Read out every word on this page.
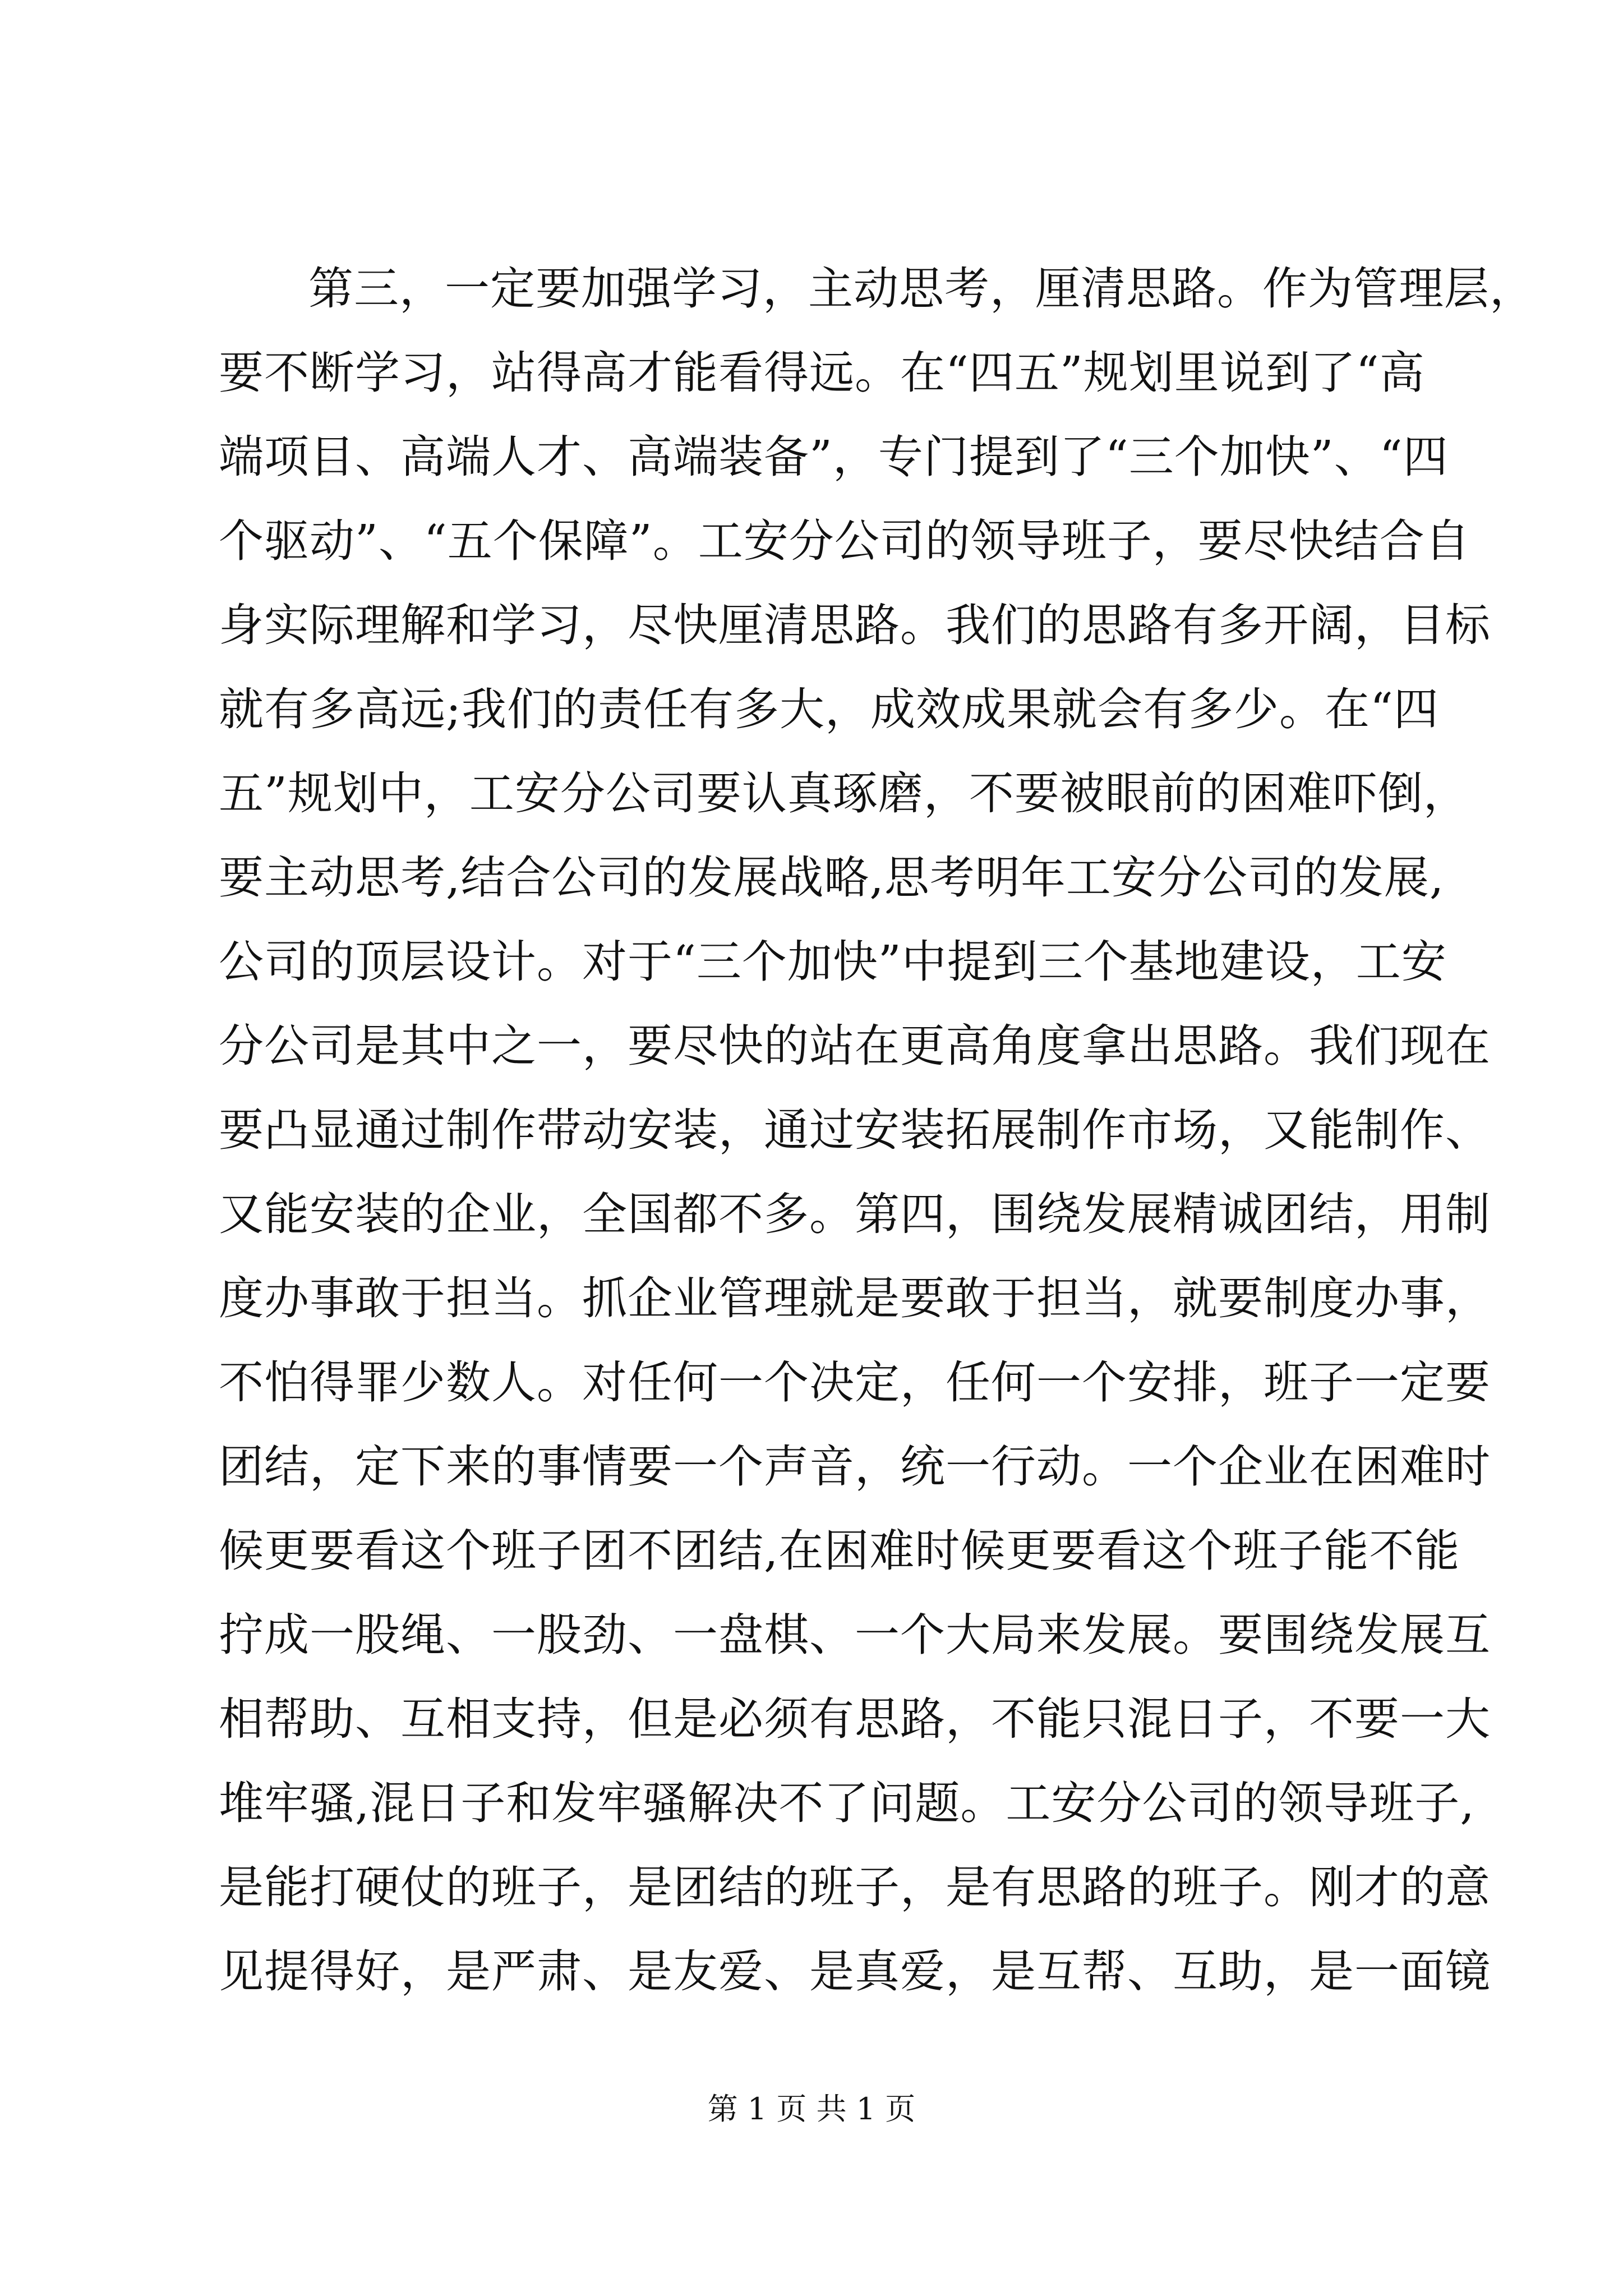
第三，一定要加强学习，主动思考，厘清思路。作为管理层，
要不断学习，站得高才能看得远。在“四五”规划里说到了“高
端项目、高端人才、高端装备”，专门提到了“三个加快”、“四
个驱动”、“五个保障”。工安分公司的领导班子，要尽快结合自
身实际理解和学习，尽快厘清思路。我们的思路有多开阔，目标
就有多高远;我们的责任有多大，成效成果就会有多少。在“四
五”规划中，工安分公司要认真琢磨，不要被眼前的困难吓倒，
要主动思考,结合公司的发展战略,思考明年工安分公司的发展,
公司的顶层设计。对于“三个加快”中提到三个基地建设，工安
分公司是其中之一，要尽快的站在更高角度拿出思路。我们现在
要凸显通过制作带动安装，通过安装拓展制作市场，又能制作、
又能安装的企业，全国都不多。第四，围绕发展精诚团结，用制
度办事敢于担当。抓企业管理就是要敢于担当，就要制度办事，
不怕得罪少数人。对任何一个决定，任何一个安排，班子一定要
团结，定下来的事情要一个声音，统一行动。一个企业在困难时
候更要看这个班子团不团结,在困难时候更要看这个班子能不能
拧成一股绳、一股劲、一盘棋、一个大局来发展。要围绕发展互
相帮助、互相支持，但是必须有思路，不能只混日子，不要一大
堆牢骚,混日子和发牢骚解决不了问题。工安分公司的领导班子,
是能打硬仗的班子，是团结的班子，是有思路的班子。刚才的意
见提得好，是严肃、是友爱、是真爱，是互帮、互助，是一面镜
第 1 页 共 1 页
